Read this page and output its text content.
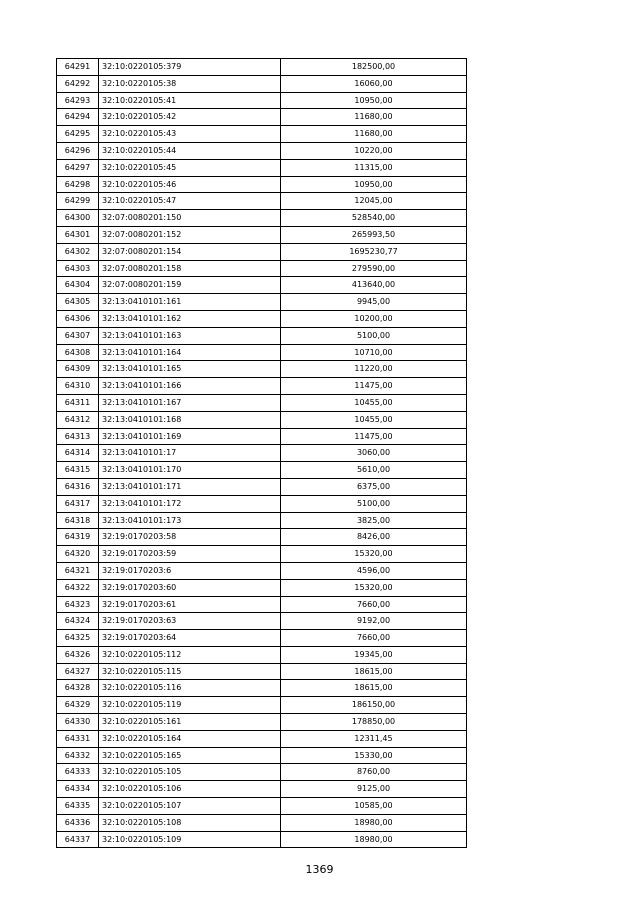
64291	32:10:0220105:379	182500,00
64292	32:10:0220105:38	16060,00
64293	32:10:0220105:41	10950,00
64294	32:10:0220105:42	11680,00
64295	32:10:0220105:43	11680,00
64296	32:10:0220105:44	10220,00
64297	32:10:0220105:45	11315,00
64298	32:10:0220105:46	10950,00
64299	32:10:0220105:47	12045,00
64300	32:07:0080201:150	528540,00
64301	32:07:0080201:152	265993,50
64302	32:07:0080201:154	1695230,77
64303	32:07:0080201:158	279590,00
64304	32:07:0080201:159	413640,00
64305	32:13:0410101:161	9945,00
64306	32:13:0410101:162	10200,00
64307	32:13:0410101:163	5100,00
64308	32:13:0410101:164	10710,00
64309	32:13:0410101:165	11220,00
64310	32:13:0410101:166	11475,00
64311	32:13:0410101:167	10455,00
64312	32:13:0410101:168	10455,00
64313	32:13:0410101:169	11475,00
64314	32:13:0410101:17	3060,00
64315	32:13:0410101:170	5610,00
64316	32:13:0410101:171	6375,00
64317	32:13:0410101:172	5100,00
64318	32:13:0410101:173	3825,00
64319	32:19:0170203:58	8426,00
64320	32:19:0170203:59	15320,00
64321	32:19:0170203:6	4596,00
64322	32:19:0170203:60	15320,00
64323	32:19:0170203:61	7660,00
64324	32:19:0170203:63	9192,00
64325	32:19:0170203:64	7660,00
64326	32:10:0220105:112	19345,00
64327	32:10:0220105:115	18615,00
64328	32:10:0220105:116	18615,00
64329	32:10:0220105:119	186150,00
64330	32:10:0220105:161	178850,00
64331	32:10:0220105:164	12311,45
64332	32:10:0220105:165	15330,00
64333	32:10:0220105:105	8760,00
64334	32:10:0220105:106	9125,00
64335	32:10:0220105:107	10585,00
64336	32:10:0220105:108	18980,00
64337	32:10:0220105:109	18980,00
1369
